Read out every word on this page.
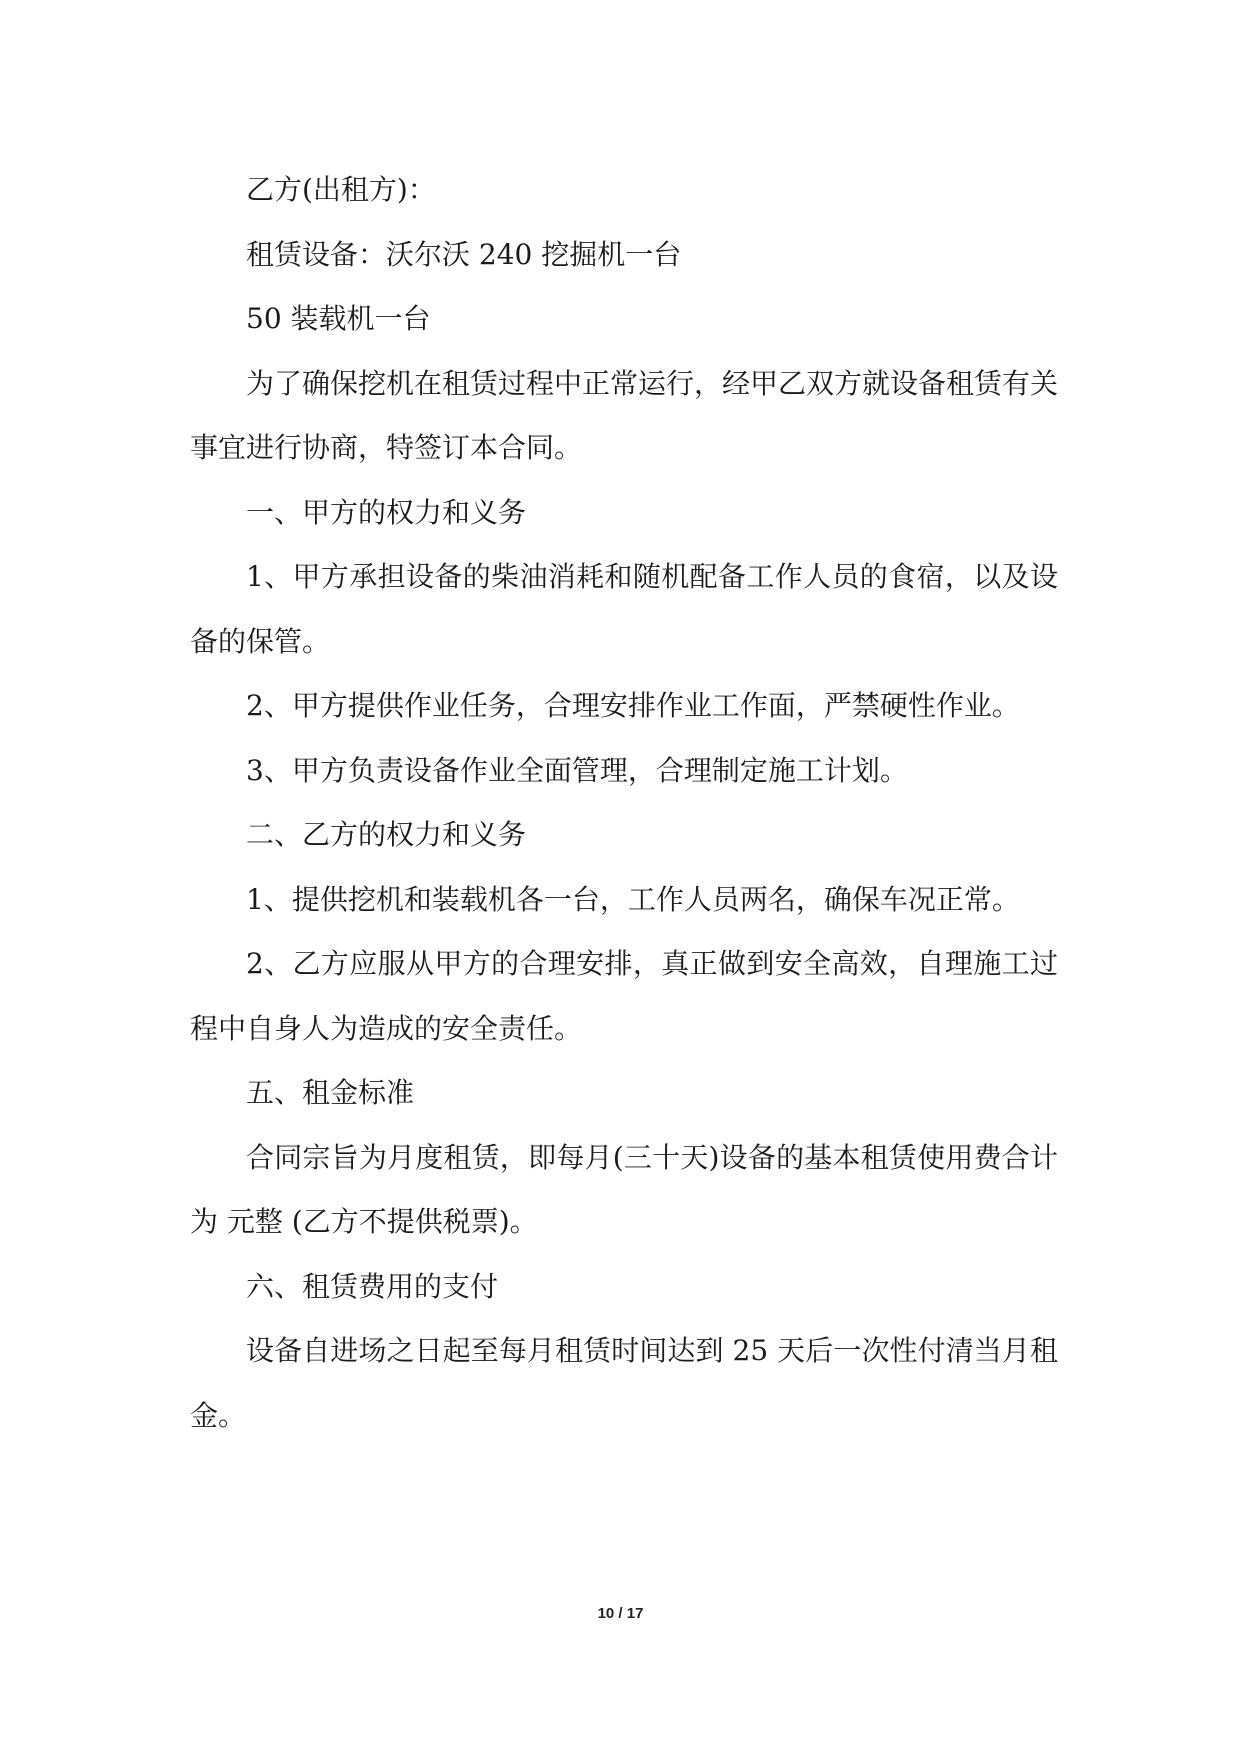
乙方(出租方)：

租赁设备：沃尔沃 240 挖掘机一台

50 装载机一台

为了确保挖机在租赁过程中正常运行，经甲乙双方就设备租赁有关事宜进行协商，特签订本合同。

一、甲方的权力和义务

1、甲方承担设备的柴油消耗和随机配备工作人员的食宿，以及设备的保管。

2、甲方提供作业任务，合理安排作业工作面，严禁硬性作业。

3、甲方负责设备作业全面管理，合理制定施工计划。

二、乙方的权力和义务

1、提供挖机和装载机各一台，工作人员两名，确保车况正常。

2、乙方应服从甲方的合理安排，真正做到安全高效，自理施工过程中自身人为造成的安全责任。

五、租金标准

合同宗旨为月度租赁，即每月(三十天)设备的基本租赁使用费合计为 元整 (乙方不提供税票)。

六、租赁费用的支付

设备自进场之日起至每月租赁时间达到 25 天后一次性付清当月租金。

10 / 17
